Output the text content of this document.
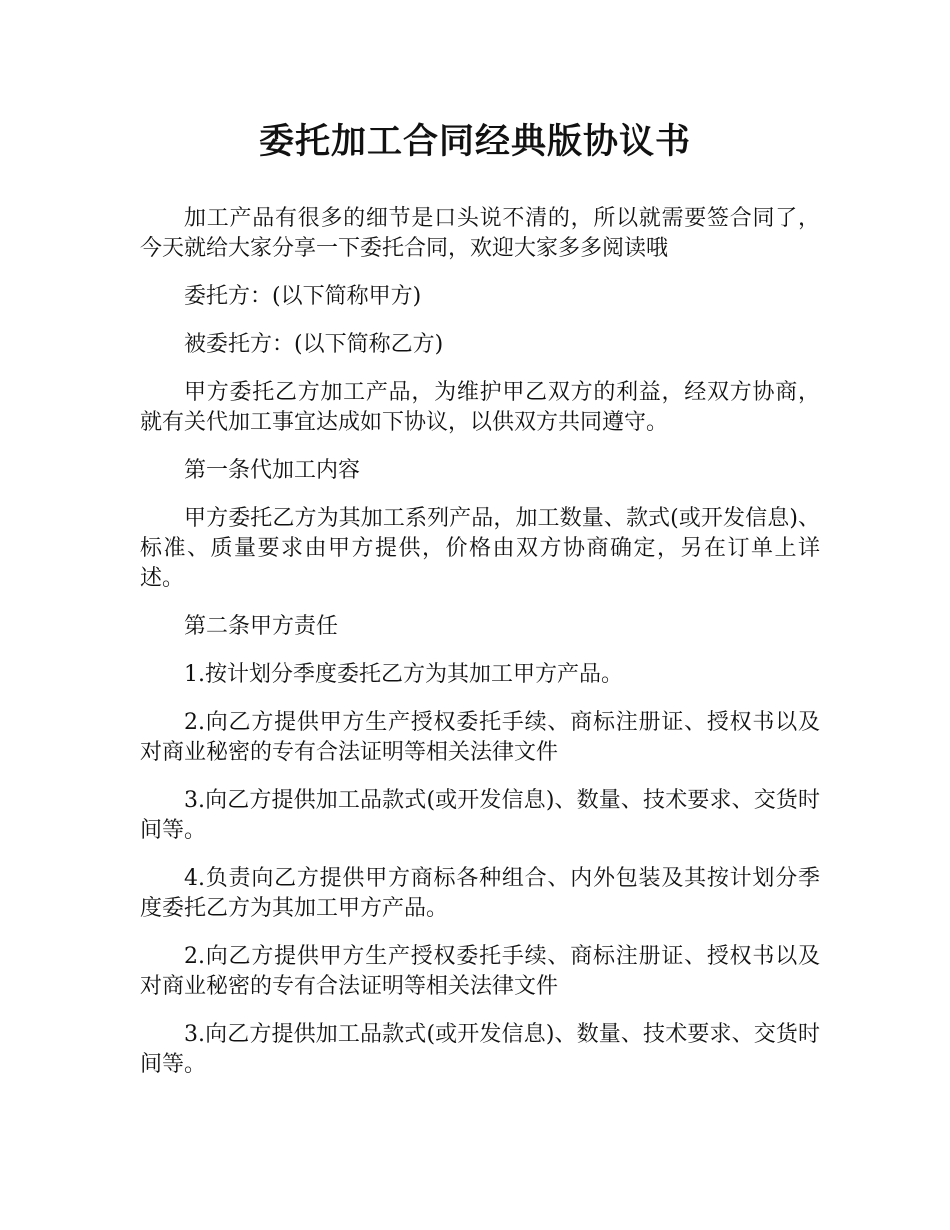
委托加工合同经典版协议书

加工产品有很多的细节是口头说不清的，所以就需要签合同了，今天就给大家分享一下委托合同，欢迎大家多多阅读哦

委托方：(以下简称甲方)

被委托方：(以下简称乙方)

甲方委托乙方加工产品，为维护甲乙双方的利益，经双方协商，就有关代加工事宜达成如下协议，以供双方共同遵守。

第一条代加工内容

甲方委托乙方为其加工系列产品，加工数量、款式(或开发信息)、标准、质量要求由甲方提供，价格由双方协商确定，另在订单上详述。

第二条甲方责任

1.按计划分季度委托乙方为其加工甲方产品。

2.向乙方提供甲方生产授权委托手续、商标注册证、授权书以及对商业秘密的专有合法证明等相关法律文件

3.向乙方提供加工品款式(或开发信息)、数量、技术要求、交货时间等。

4.负责向乙方提供甲方商标各种组合、内外包装及其按计划分季度委托乙方为其加工甲方产品。

2.向乙方提供甲方生产授权委托手续、商标注册证、授权书以及对商业秘密的专有合法证明等相关法律文件

3.向乙方提供加工品款式(或开发信息)、数量、技术要求、交货时间等。
